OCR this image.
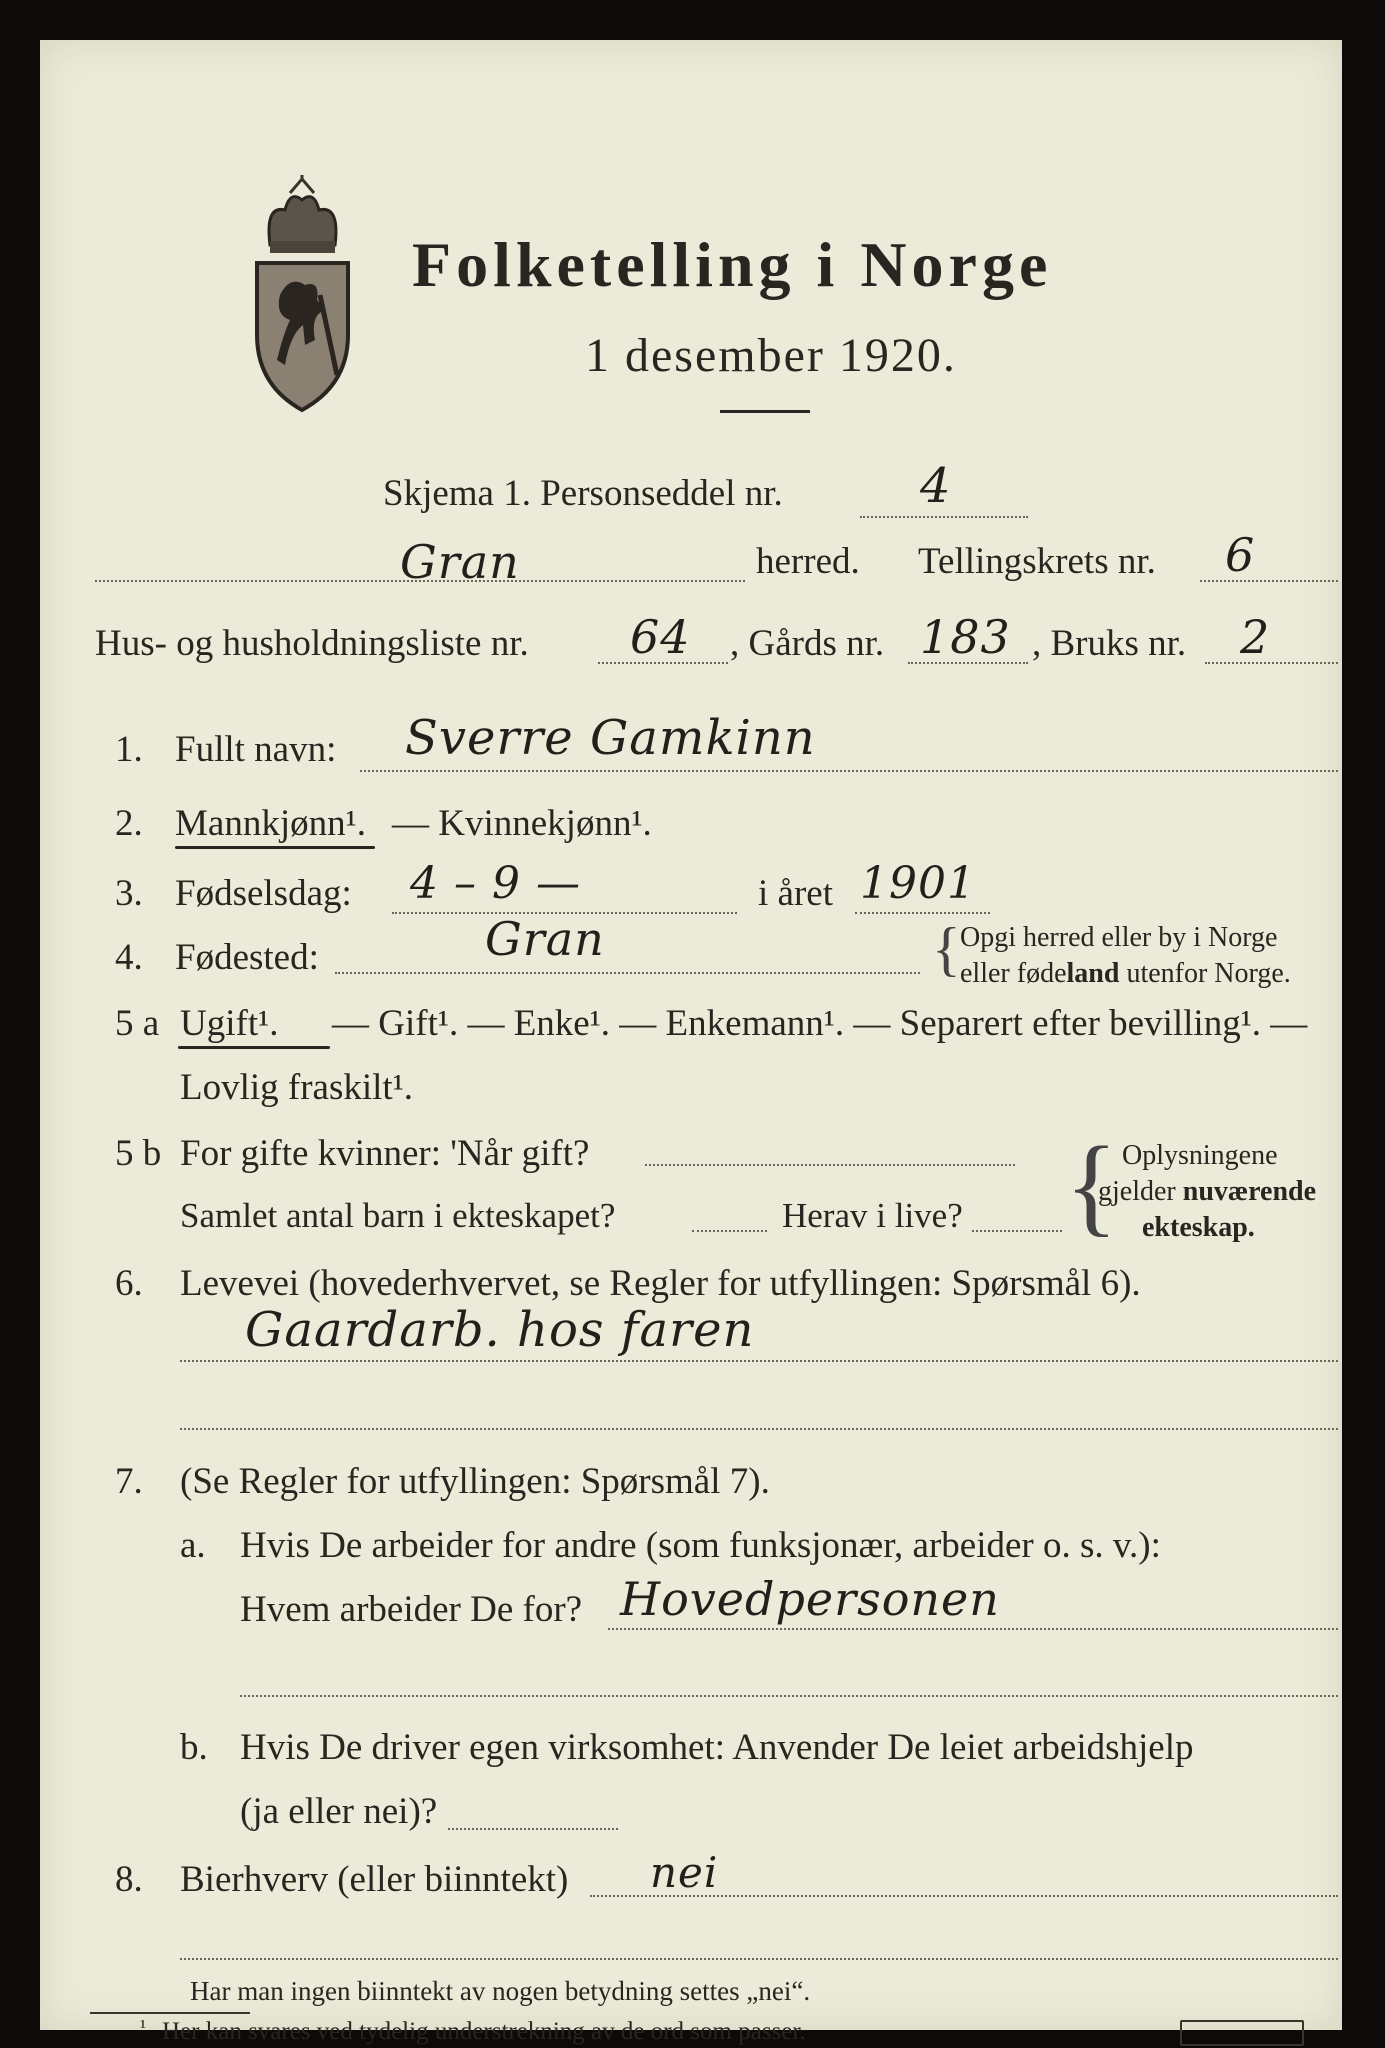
Folketelling i Norge
1 desember 1920.
Skjema 1. Personseddel nr.	4
Gran	herred. Tellingskrets nr. 6
Hus- og husholdningsliste nr. 64 , Gårds nr. 183 , Bruks nr. 2
1. Fullt navn: Sverre Gamkinn
2. Mannkjønn¹. — Kvinnekjønn¹.
3. Fødselsdag: 4 – 9 —	i året 1901
4. Fødested:	Gran	{ Opgi herred eller by i Norge
eller fødeland utenfor Norge.
5 a Ugift¹. — Gift¹. — Enke¹. — Enkemann¹. — Separert efter bevilling¹. —
Lovlig fraskilt¹.
5 b For gifte kvinner: 'Når gift?
Samlet antal barn i ekteskapet?	Herav i live? { Oplysningene
gjelder nuværende
ekteskap.
6. Levevei (hovederhvervet, se Regler for utfyllingen: Spørsmål 6).
Gaardarb. hos faren
7. (Se Regler for utfyllingen: Spørsmål 7).
a. Hvis De arbeider for andre (som funksjonær, arbeider o. s. v.):
Hvem arbeider De for? Hovedpersonen
b. Hvis De driver egen virksomhet: Anvender De leiet arbeidshjelp
(ja eller nei)?
8. Bierhverv (eller biinntekt) nei
Har man ingen biinntekt av nogen betydning settes „nei“.
¹ Her kan svares ved tydelig understrekning av de ord som passer.
